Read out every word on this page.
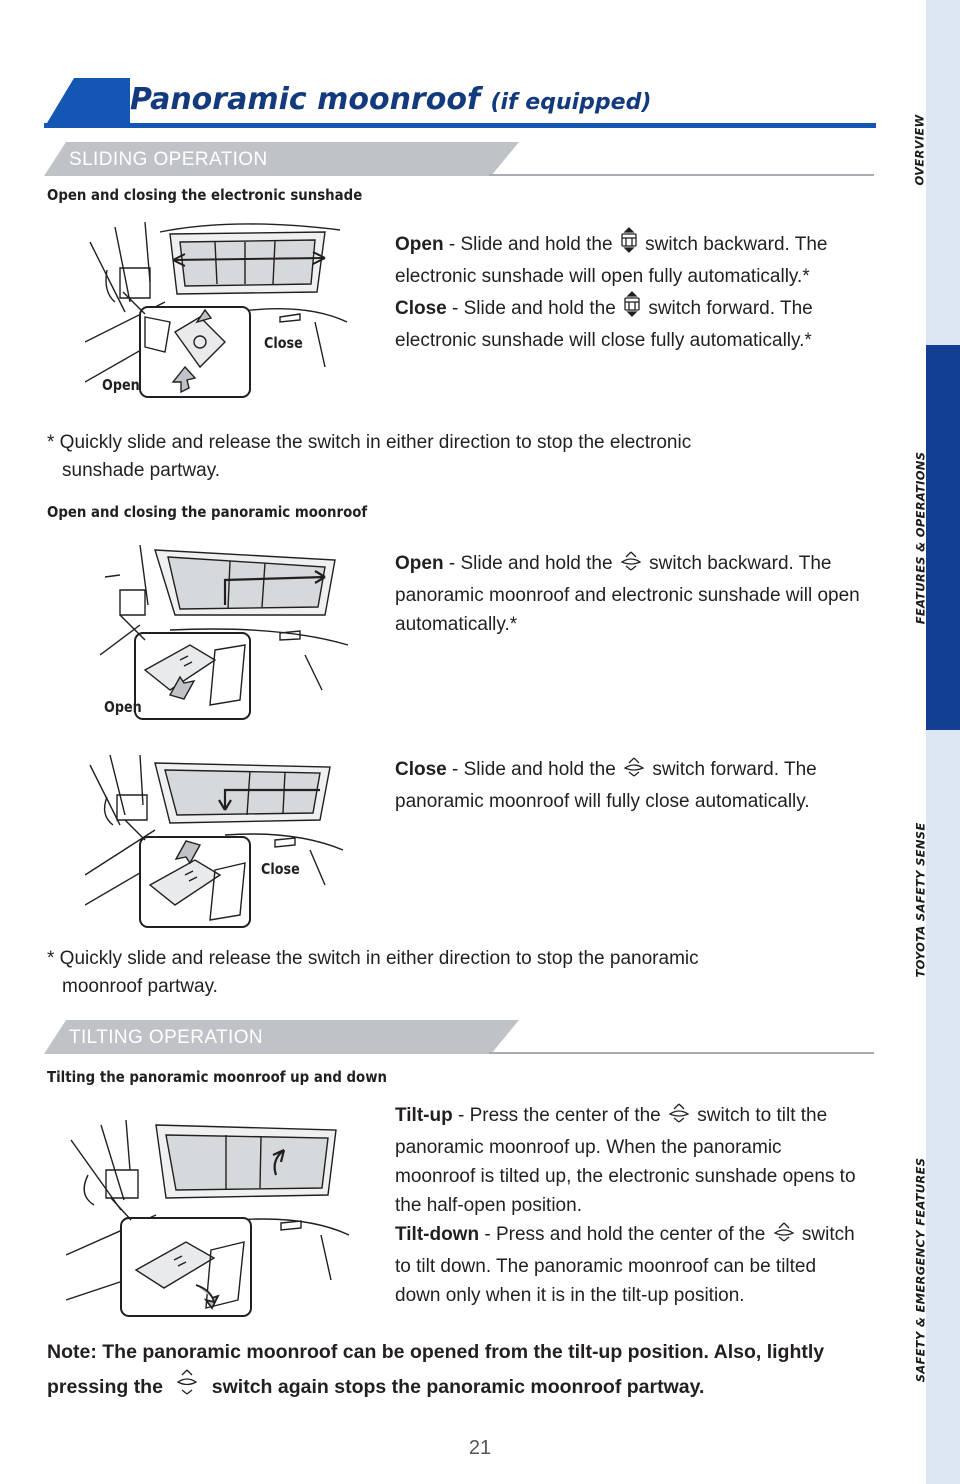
OVERVIEW
FEATURES & OPERATIONS
TOYOTA SAFETY SENSE
SAFETY & EMERGENCY FEATURES
Panoramic moonroof (if equipped)
SLIDING OPERATION
Open and closing the electronic sunshade
Open
Close
Open - Slide and hold the  switch backward. The electronic sunshade will open fully automatically.*
Close - Slide and hold the  switch forward. The electronic sunshade will close fully automatically.*
* Quickly slide and release the switch in either direction to stop the electronic
sunshade partway.
Open and closing the panoramic moonroof
Open
Open - Slide and hold the  switch backward. The panoramic moonroof and electronic sunshade will open automatically.*
Close
Close - Slide and hold the  switch forward. The panoramic moonroof will fully close automatically.
* Quickly slide and release the switch in either direction to stop the panoramic
moonroof partway.
TILTING OPERATION
Tilting the panoramic moonroof up and down
Tilt-up - Press the center of the  switch to tilt the panoramic moonroof up. When the panoramic moonroof is tilted up, the electronic sunshade opens to the half-open position.
Tilt-down - Press and hold the center of the  switch to tilt down. The panoramic moonroof can be tilted down only when it is in the tilt-up position.
Note: The panoramic moonroof can be opened from the tilt-up position. Also, lightly pressing the  switch again stops the panoramic moonroof partway.
21
